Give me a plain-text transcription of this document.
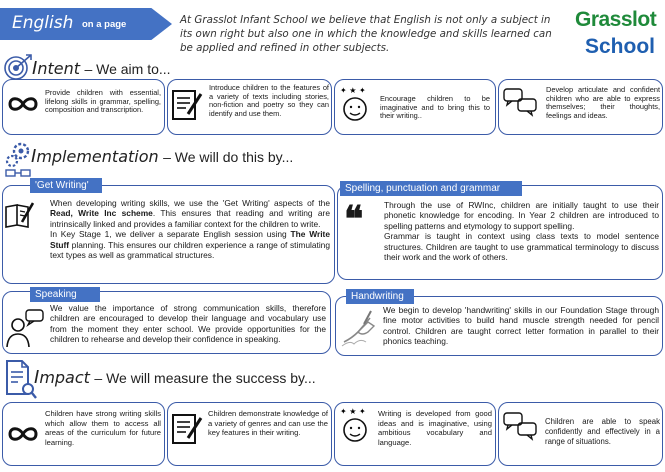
English on a page	At Grasslot Infant School we believe that English is not only a subject in its own right but also one in which the knowledge and skills learned can be applied and refined in other subjects.
Grasslot
School
Intent – We aim to...
Provide children with essential, lifelong skills in grammar, spelling, composition and transcription.
Introduce children to the features of a variety of texts including stories, non-fiction and poetry so they can identify and use them.
✦ ★ ✦
Encourage children to be imaginative and to bring this to their writing..
Develop articulate and confident children who are able to express themselves; their thoughts, feelings and ideas.
Implementation – We will do this by...
'Get Writing'
When developing writing skills, we use the 'Get Writing' aspects of the Read, Write Inc scheme. This ensures that reading and writing are intrinsically linked and provides a familiar context for the children to write.
In Key Stage 1, we deliver a separate English session using The Write Stuff planning. This ensures our children experience a range of stimulating text types as well as grammatical structures.
Spelling, punctuation and grammar
❝ Through the use of RWInc, children are initially taught to use their phonetic knowledge for encoding. In Year 2 children are introduced to spelling patterns and etymology to support spelling.
Grammar is taught in context using class texts to model sentence structures. Children are taught to use grammatical terminology to discuss their work and the work of others.
Speaking
We value the importance of strong communication skills, therefore children are encouraged to develop their language and vocabulary use from the moment they enter school. We provide opportunities for the children to rehearse and develop their confidence in speaking.
Handwriting
We begin to develop 'handwriting' skills in our Foundation Stage through fine motor activities to build hand muscle strength needed for pencil control. Children are taught correct letter formation in parallel to their phonics teaching.
Impact – We will measure the success by...
Children have strong writing skills which allow them to access all areas of the curriculum for future learning.
Children demonstrate knowledge of a variety of genres and can use the key features in their writing.
✦ ★ ✦ Writing is developed from good ideas and is imaginative, using ambitious vocabulary and language.
Children are able to speak confidently and effectively in a range of situations.
